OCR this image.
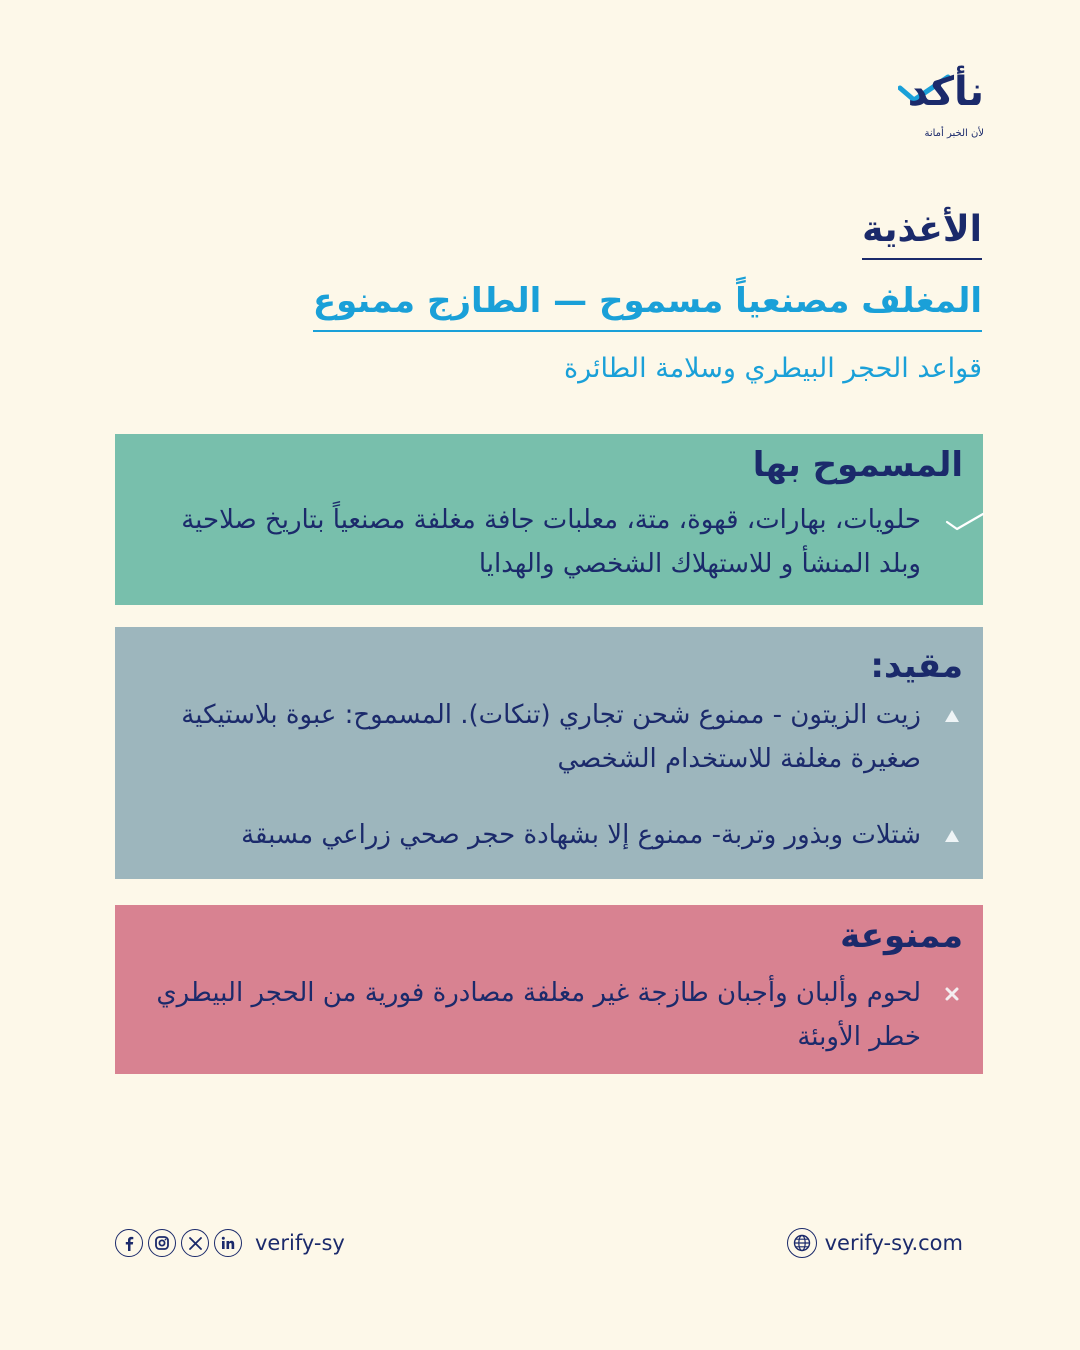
نأكد
لأن الخبر أمانة
الأغذية
المغلف مصنعياً مسموح — الطازج ممنوع
قواعد الحجر البيطري وسلامة الطائرة
المسموح بها
حلويات، بهارات، قهوة، متة، معلبات جافة مغلفة مصنعياً بتاريخ صلاحية وبلد المنشأ و للاستهلاك الشخصي والهدايا
مقيد:
زيت الزيتون - ممنوع شحن تجاري (تنكات). المسموح: عبوة بلاستيكية صغيرة مغلفة للاستخدام الشخصي
شتلات وبذور وتربة- ممنوع إلا بشهادة حجر صحي زراعي مسبقة
ممنوعة
لحوم وألبان وأجبان طازجة غير مغلفة مصادرة فورية من الحجر البيطري خطر الأوبئة
verify-sy	verify-sy.com
